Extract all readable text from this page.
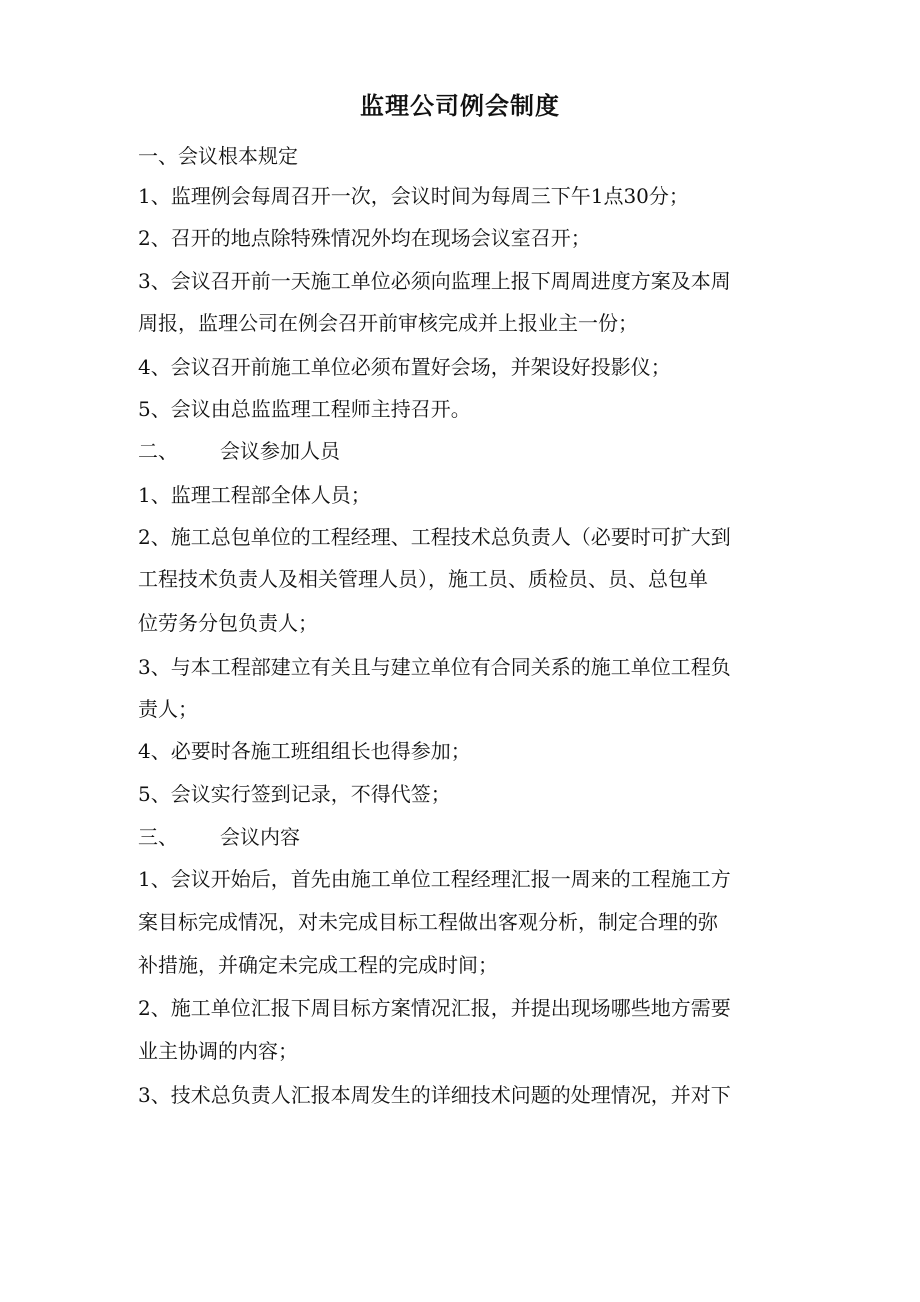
监理公司例会制度
一、会议根本规定
1、监理例会每周召开一次，会议时间为每周三下午1点30分；
2、召开的地点除特殊情况外均在现场会议室召开；
3、会议召开前一天施工单位必须向监理上报下周周进度方案及本周
周报，监理公司在例会召开前审核完成并上报业主一份；
4、会议召开前施工单位必须布置好会场，并架设好投影仪；
5、会议由总监监理工程师主持召开。
二、 会议参加人员
1、监理工程部全体人员；
2、施工总包单位的工程经理、工程技术总负责人（必要时可扩大到
工程技术负责人及相关管理人员），施工员、质检员、员、总包单
位劳务分包负责人；
3、与本工程部建立有关且与建立单位有合同关系的施工单位工程负
责人；
4、必要时各施工班组组长也得参加；
5、会议实行签到记录，不得代签；
三、 会议内容
1、会议开始后，首先由施工单位工程经理汇报一周来的工程施工方
案目标完成情况，对未完成目标工程做出客观分析，制定合理的弥
补措施，并确定未完成工程的完成时间；
2、施工单位汇报下周目标方案情况汇报，并提出现场哪些地方需要
业主协调的内容；
3、技术总负责人汇报本周发生的详细技术问题的处理情况，并对下
